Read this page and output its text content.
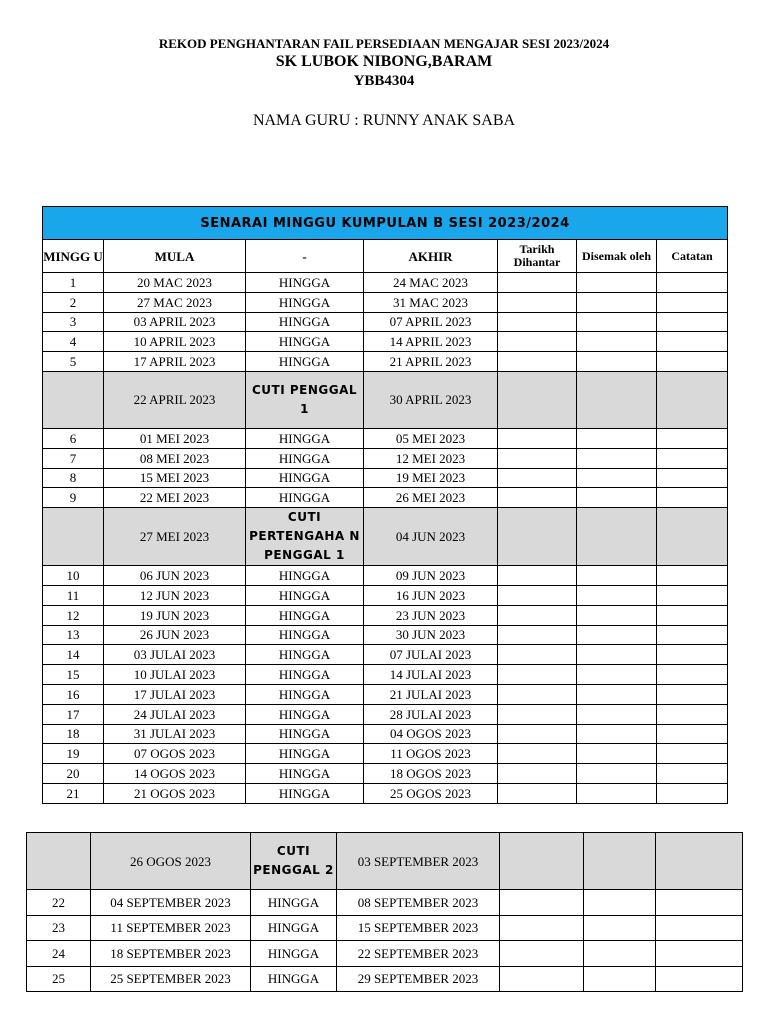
REKOD PENGHANTARAN FAIL PERSEDIAAN MENGAJAR SESI 2023/2024
SK LUBOK NIBONG,BARAM
YBB4304
NAMA GURU : RUNNY ANAK SABA
SENARAI MINGGU KUMPULAN B SESI 2023/2024						
MINGG U	MULA	-	AKHIR	Tarikh Dihantar	Disemak oleh	Catatan
1	20 MAC 2023	HINGGA	24 MAC 2023			
2	27 MAC 2023	HINGGA	31 MAC 2023			
3	03 APRIL 2023	HINGGA	07 APRIL 2023			
4	10 APRIL 2023	HINGGA	14 APRIL 2023			
5	17 APRIL 2023	HINGGA	21 APRIL 2023			
	22 APRIL 2023	CUTI PENGGAL 1	30 APRIL 2023			
6	01 MEI 2023	HINGGA	05 MEI 2023			
7	08 MEI 2023	HINGGA	12 MEI 2023			
8	15 MEI 2023	HINGGA	19 MEI 2023			
9	22 MEI 2023	HINGGA	26 MEI 2023			
	27 MEI 2023	CUTI PERTENGAHA N PENGGAL 1	04 JUN 2023			
10	06 JUN 2023	HINGGA	09 JUN 2023			
11	12 JUN 2023	HINGGA	16 JUN 2023			
12	19 JUN 2023	HINGGA	23 JUN 2023			
13	26 JUN 2023	HINGGA	30 JUN 2023			
14	03 JULAI 2023	HINGGA	07 JULAI 2023			
15	10 JULAI 2023	HINGGA	14 JULAI 2023			
16	17 JULAI 2023	HINGGA	21 JULAI 2023			
17	24 JULAI 2023	HINGGA	28 JULAI 2023			
18	31 JULAI 2023	HINGGA	04 OGOS 2023			
19	07 OGOS 2023	HINGGA	11 OGOS 2023			
20	14 OGOS 2023	HINGGA	18 OGOS 2023			
21	21 OGOS 2023	HINGGA	25 OGOS 2023			
	26 OGOS 2023	CUTI PENGGAL 2	03 SEPTEMBER 2023			
22	04 SEPTEMBER 2023	HINGGA	08 SEPTEMBER 2023			
23	11 SEPTEMBER 2023	HINGGA	15 SEPTEMBER 2023			
24	18 SEPTEMBER 2023	HINGGA	22 SEPTEMBER 2023			
25	25 SEPTEMBER 2023	HINGGA	29 SEPTEMBER 2023			
